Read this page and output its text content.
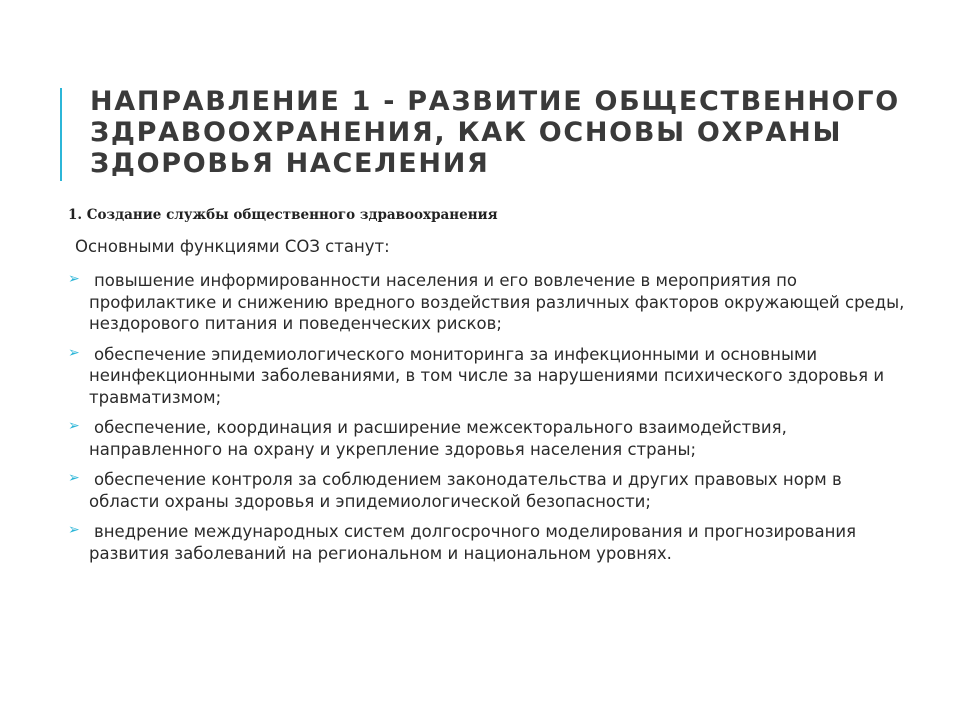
НАПРАВЛЕНИЕ 1 - РАЗВИТИЕ ОБЩЕСТВЕННОГО ЗДРАВООХРАНЕНИЯ, КАК ОСНОВЫ ОХРАНЫ ЗДОРОВЬЯ НАСЕЛЕНИЯ
1. Создание службы общественного здравоохранения
Основными функциями СОЗ станут:
➢ повышение информированности населения и его вовлечение в мероприятия по профилактике и снижению вредного воздействия различных факторов окружающей среды, нездорового питания и поведенческих рисков;
➢ обеспечение эпидемиологического мониторинга за инфекционными и основными неинфекционными заболеваниями, в том числе за нарушениями психического здоровья и травматизмом;
➢ обеспечение, координация и расширение межсекторального взаимодействия, направленного на охрану и укрепление здоровья населения страны;
➢ обеспечение контроля за соблюдением законодательства и других правовых норм в области охраны здоровья и эпидемиологической безопасности;
➢ внедрение международных систем долгосрочного моделирования и прогнозирования развития заболеваний на региональном и национальном уровнях.
